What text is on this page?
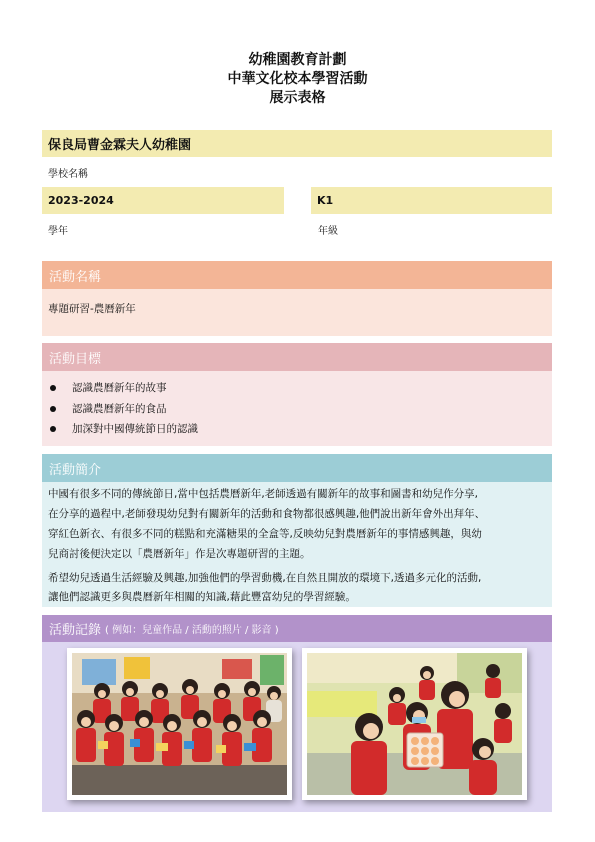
幼稚園教育計劃
中華文化校本學習活動
展示表格
保良局曹金霖夫人幼稚園
學校名稱
2023-2024
學年
K1
年級
活動名稱
專題研習-農曆新年
活動目標
認識農曆新年的故事
認識農曆新年的食品
加深對中國傳統節日的認識
活動簡介
中國有很多不同的傳統節日,當中包括農曆新年,老師透過有關新年的故事和圖書和幼兒作分享,
在分享的過程中,老師發現幼兒對有關新年的活動和食物都很感興趣,他們說出新年會外出拜年、
穿紅色新衣、有很多不同的糕點和充滿糖果的全盒等,反映幼兒對農曆新年的事情感興趣，與幼
兒商討後便決定以「農曆新年」作是次專題研習的主題。
希望幼兒透過生活經驗及興趣,加強他們的學習動機,在自然且開放的環境下,透過多元化的活動,
讓他們認識更多與農曆新年相關的知識,藉此豐富幼兒的學習經驗。
活動記錄 ( 例如：兒童作品 / 活動的照片 / 影音 )
